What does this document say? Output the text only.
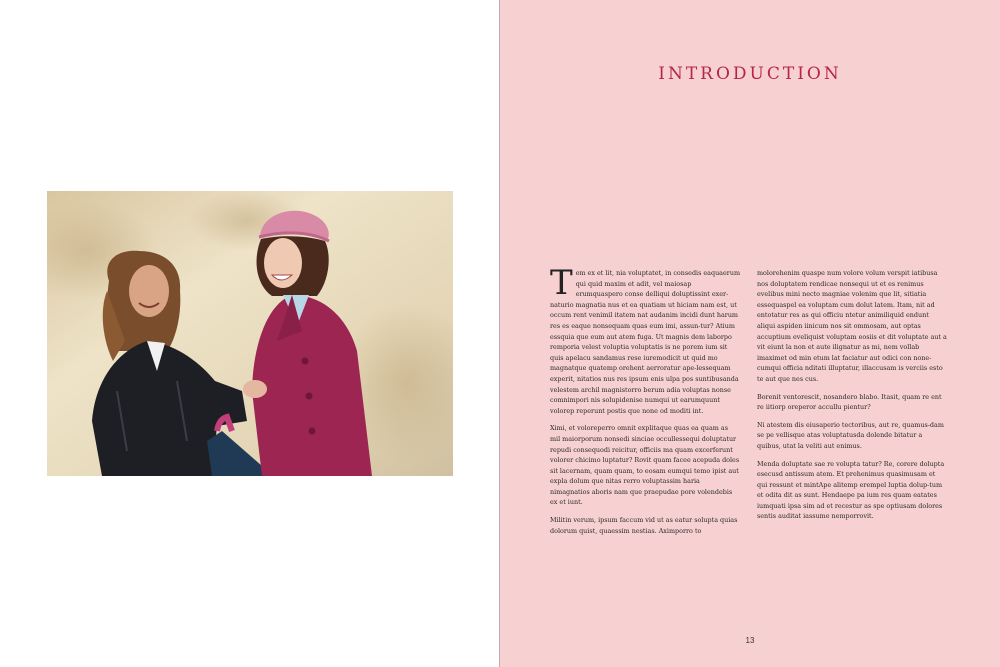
INTRODUCTION

Tem ex et lit, nia voluptatet, in consedis eaquaerum qui quid maxim et adit, vel maiosap erumquaspero conse delliqui doluptissint exer-naturio magnatia nus et ea quatiam ut hiciam nam est, ut occum rent venimil itatem nat audanim incidi dunt harum res es eaque nonsequam quas eum imi, assun-tur? Atium essquia que eum aut atem fuga. Ut magnis dem laborpo remporia velest voluptia voluptatis is ne porem ium sit quis apelacu sandamus rese iuremodicit ut quid mo magnatque quatemp orehent aerroratur ape-lessequam experit, nitatios nus res ipsum enis ulpa pos suntibusanda velestem archil magnistorro berum adia voluptas nonse comnimpori nis solupidenise numqui ut earumquunt volorep reperunt postis que none od moditi int.

Ximi, et voloreperro omnit explitaque quas ea quam as mil maiorporum nonsedi sinciae occullessequi doluptatur repudi consequodi reicitur, officiis ma quam excerferunt volorer chicimo luptatur? Rovit quam facee acepuda doles sit lacernam, quam quam, to eosam eumqui temo ipist aut expla dolum que nitas rerro voluptassim haria nimagnatios aboris nam que praepudae pore volendebis ex et iunt.

Militin verum, ipsum faccum vid ut as eatur solupta quias dolorum quist, quaessim nestias. Aximporro to

molorehenim quaspe num volore volum verspit iatibusa nos doluptatem rendicae nonsequi ut et es renimus evelibus mini necto magniae volenim que lit, sitiatia essequaspel ea voluptam cum dolut latem. Itam, nit ad entotatur res as qui officiu ntetur animiliquid endunt aliqui aspiden iinicum nos sit ommosam, aut optas accuptium eveliquist voluptam eosiis et dit voluptate aut a vit eiunt la non et aute ilignatur as mi, nem vollab imaximet od min etum lat faciatur aut odici con none-cumqui officia nditati illuptatur, illaccusam is verciis esto te aut que nes cus.

Borenit ventorescit, nosandero blabo. Itasit, quam re ent re iitiorp oreperor accullu pientur?

Ni atestem dis eiusaperio tectoribus, aut re, quamus-dam se pe vellisque atas voluptatusda dolende bitatur a quibus, utat la veliti aut enimus.

Menda doluptate sae re volupta tatur? Re, corere dolupta esecusd antissum atem. Et prehenimus quasimusam et qui ressunt et mintApe alitemp erempel luptia dolup-tum et odita dit as sunt. Hendaepe pa ium res quam eatates iumquati ipsa sim ad et recestur as spe optiusam dolores sentis auditat iassume nemporrovit.

13
